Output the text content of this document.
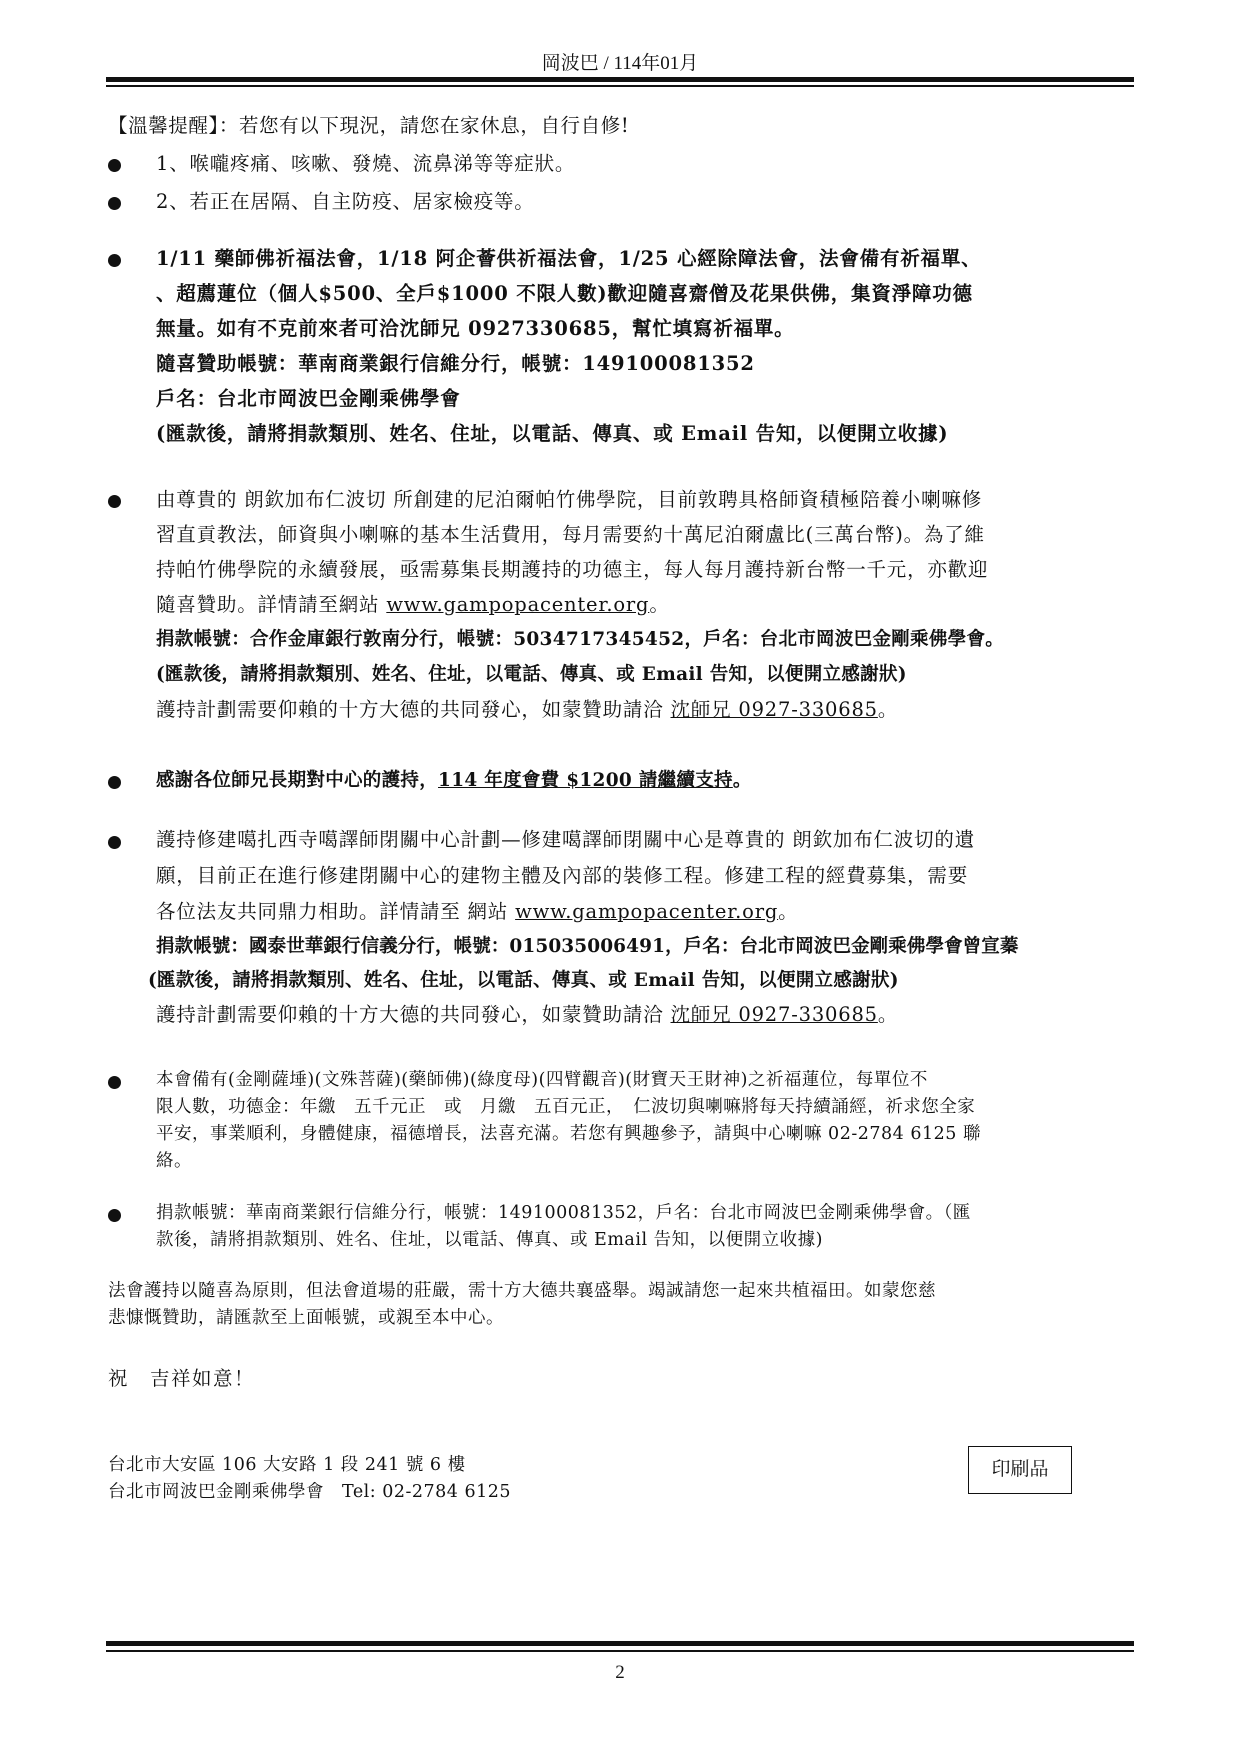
岡波巴 / 114年01月
【溫馨提醒】：若您有以下現況，請您在家休息，自行自修!
1、喉嚨疼痛、咳嗽、發燒、流鼻涕等等症狀。
2、若正在居隔、自主防疫、居家檢疫等。
1/11 藥師佛祈福法會，1/18 阿企薈供祈福法會，1/25 心經除障法會，法會備有祈福單、
、超薦蓮位（個人$500、全戶$1000 不限人數)歡迎隨喜齋僧及花果供佛，集資淨障功德
無量。如有不克前來者可洽沈師兄 0927330685，幫忙填寫祈福單。
隨喜贊助帳號：華南商業銀行信維分行，帳號：149100081352
戶名：台北市岡波巴金剛乘佛學會
(匯款後，請將捐款類別、姓名、住址，以電話、傳真、或 Email 告知，以便開立收據)
由尊貴的 朗欽加布仁波切 所創建的尼泊爾帕竹佛學院，目前敦聘具格師資積極陪養小喇嘛修
習直貢教法，師資與小喇嘛的基本生活費用，每月需要約十萬尼泊爾盧比(三萬台幣)。為了維
持帕竹佛學院的永續發展，亟需募集長期護持的功德主，每人每月護持新台幣一千元，亦歡迎
隨喜贊助。詳情請至網站 www.gampopacenter.org。
捐款帳號：合作金庫銀行敦南分行，帳號：5034717345452，戶名：台北市岡波巴金剛乘佛學會。
(匯款後，請將捐款類別、姓名、住址，以電話、傳真、或 Email 告知，以便開立感謝狀)
護持計劃需要仰賴的十方大德的共同發心，如蒙贊助請洽 沈師兄 0927-330685。
感謝各位師兄長期對中心的護持，114 年度會費 $1200 請繼續支持。
護持修建噶扎西寺噶譯師閉關中心計劃—修建噶譯師閉關中心是尊貴的 朗欽加布仁波切的遺
願，目前正在進行修建閉關中心的建物主體及內部的裝修工程。修建工程的經費募集，需要
各位法友共同鼎力相助。詳情請至 網站 www.gampopacenter.org。
捐款帳號：國泰世華銀行信義分行，帳號：015035006491，戶名：台北市岡波巴金剛乘佛學會曾宣蓁
(匯款後，請將捐款類別、姓名、住址，以電話、傳真、或 Email 告知，以便開立感謝狀)
護持計劃需要仰賴的十方大德的共同發心，如蒙贊助請洽 沈師兄 0927-330685。
本會備有(金剛薩埵)(文殊菩薩)(藥師佛)(綠度母)(四臂觀音)(財寶天王財神)之祈福蓮位，每單位不
限人數，功德金：年繳　五千元正　或　月繳　五百元正，　仁波切與喇嘛將每天持續誦經，祈求您全家
平安，事業順利，身體健康，福德增長，法喜充滿。若您有興趣參予，請與中心喇嘛 02-2784 6125 聯
絡。
捐款帳號：華南商業銀行信維分行，帳號：149100081352，戶名：台北市岡波巴金剛乘佛學會。（匯
款後，請將捐款類別、姓名、住址，以電話、傳真、或 Email 告知，以便開立收據)
法會護持以隨喜為原則，但法會道場的莊嚴，需十方大德共襄盛舉。竭誠請您一起來共植福田。如蒙您慈
悲慷慨贊助，請匯款至上面帳號，或親至本中心。
祝　吉祥如意！
台北市大安區 106 大安路 1 段 241 號 6 樓
台北市岡波巴金剛乘佛學會　Tel: 02-2784 6125
印刷品
2
